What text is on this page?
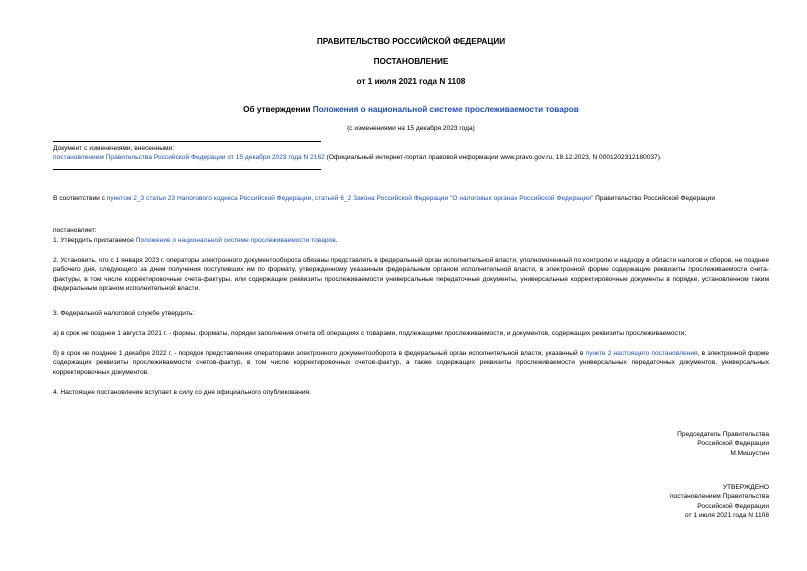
ПРАВИТЕЛЬСТВО РОССИЙСКОЙ ФЕДЕРАЦИИ
ПОСТАНОВЛЕНИЕ
от 1 июля 2021 года N 1108
Об утверждении Положения о национальной системе прослеживаемости товаров
(с изменениями на 15 декабря 2023 года)
Документ с изменениями, внесенными:
постановлением Правительства Российской Федерации от 15 декабря 2023 года N 2162 (Официальный интернет-портал правовой информации www.pravo.gov.ru, 18.12.2023, N 0001202312180037).
В соответствии с пунктом 2_3 статьи 23 Налогового кодекса Российской Федерации, статьей 6_2 Закона Российской Федерации "О налоговых органах Российской Федерации" Правительство Российской Федерации
постановляет:
1. Утвердить прилагаемое Положение о национальной системе прослеживаемости товаров.
2. Установить, что с 1 января 2023 г. операторы электронного документооборота обязаны представлять в федеральный орган исполнительной власти, уполномоченный по контролю и надзору в области налогов и сборов, не позднее рабочего дня, следующего за днем получения поступивших им по формату, утвержденному указанным федеральным органом исполнительной власти, в электронной форме содержащие реквизиты прослеживаемости счета-фактуры, в том числе корректировочные счета-фактуры, или содержащие реквизиты прослеживаемости универсальные передаточные документы, универсальные корректировочные документы в порядке, установленном таким федеральным органом исполнительной власти.
3. Федеральной налоговой службе утвердить:
а) в срок не позднее 1 августа 2021 г. - формы, форматы, порядки заполнения отчета об операциях с товарами, подлежащими прослеживаемости, и документов, содержащих реквизиты прослеживаемости;
б) в срок не позднее 1 декабря 2022 г. - порядок представления операторами электронного документооборота в федеральный орган исполнительной власти, указанный в пункте 2 настоящего постановления, в электронной форме содержащих реквизиты прослеживаемости счетов-фактур, в том числе корректировочных счетов-фактур, а также содержащих реквизиты прослеживаемости универсальных передаточных документов, универсальных корректировочных документов.
4. Настоящее постановление вступает в силу со дня официального опубликования.
Председатель Правительства
Российской Федерации
М.Мишустин
УТВЕРЖДЕНО
постановлением Правительства
Российской Федерации
от 1 июля 2021 года N 1108
